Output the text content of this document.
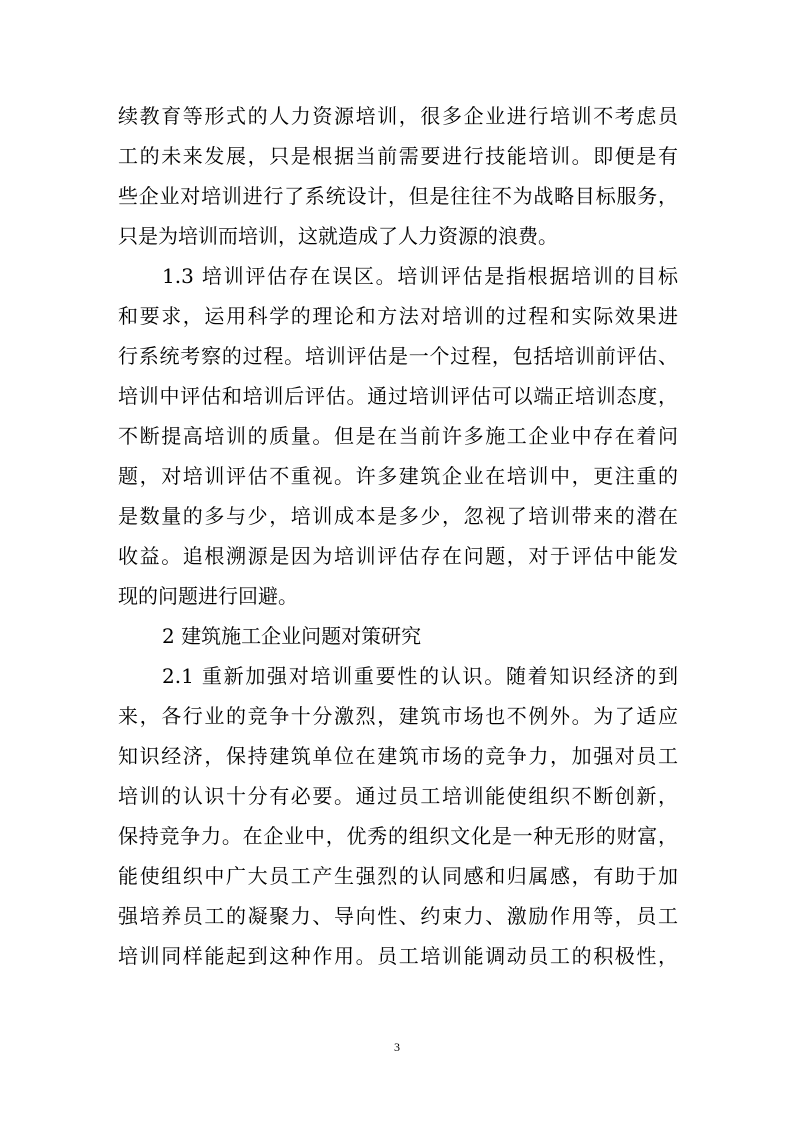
续教育等形式的人力资源培训，很多企业进行培训不考虑员
工的未来发展，只是根据当前需要进行技能培训。即便是有
些企业对培训进行了系统设计，但是往往不为战略目标服务，
只是为培训而培训，这就造成了人力资源的浪费。
1.3 培训评估存在误区。培训评估是指根据培训的目标
和要求，运用科学的理论和方法对培训的过程和实际效果进
行系统考察的过程。培训评估是一个过程，包括培训前评估、
培训中评估和培训后评估。通过培训评估可以端正培训态度，
不断提高培训的质量。但是在当前许多施工企业中存在着问
题，对培训评估不重视。许多建筑企业在培训中，更注重的
是数量的多与少，培训成本是多少，忽视了培训带来的潜在
收益。追根溯源是因为培训评估存在问题，对于评估中能发
现的问题进行回避。
2 建筑施工企业问题对策研究
2.1 重新加强对培训重要性的认识。随着知识经济的到
来，各行业的竞争十分激烈，建筑市场也不例外。为了适应
知识经济，保持建筑单位在建筑市场的竞争力，加强对员工
培训的认识十分有必要。通过员工培训能使组织不断创新，
保持竞争力。在企业中，优秀的组织文化是一种无形的财富，
能使组织中广大员工产生强烈的认同感和归属感，有助于加
强培养员工的凝聚力、导向性、约束力、激励作用等，员工
培训同样能起到这种作用。员工培训能调动员工的积极性，
3
